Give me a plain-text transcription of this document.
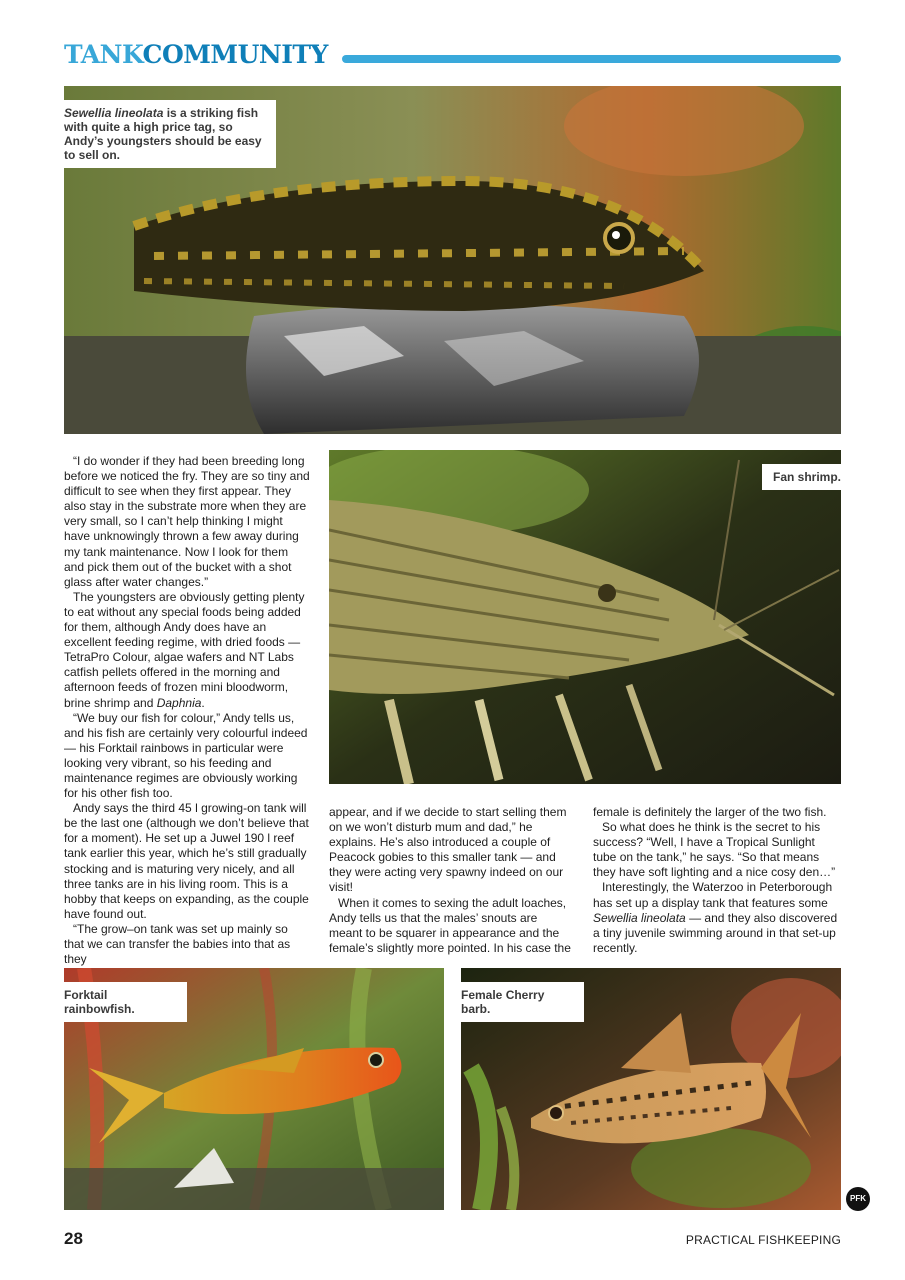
TANKCOMMUNITY
Sewellia lineolata is a striking fish with quite a high price tag, so Andy’s youngsters should be easy to sell on.
Fan shrimp.

“I do wonder if they had been breeding long before we noticed the fry. They are so tiny and difficult to see when they first appear. They also stay in the substrate more when they are very small, so I can’t help thinking I might have unknowingly thrown a few away during my tank maintenance. Now I look for them and pick them out of the bucket with a shot glass after water changes.”

The youngsters are obviously getting plenty to eat without any special foods being added for them, although Andy does have an excellent feeding regime, with dried foods — TetraPro Colour, algae wafers and NT Labs catfish pellets offered in the morning and afternoon feeds of frozen mini bloodworm, brine shrimp and Daphnia.

“We buy our fish for colour,” Andy tells us, and his fish are certainly very colourful indeed — his Forktail rainbows in particular were looking very vibrant, so his feeding and maintenance regimes are obviously working for his other fish too.

Andy says the third 45 l growing-on tank will be the last one (although we don’t believe that for a moment). He set up a Juwel 190 l reef tank earlier this year, which he’s still gradually stocking and is maturing very nicely, and all three tanks are in his living room. This is a hobby that keeps on expanding, as the couple have found out.

“The grow–on tank was set up mainly so that we can transfer the babies into that as they

appear, and if we decide to start selling them on we won’t disturb mum and dad,” he explains. He’s also introduced a couple of Peacock gobies to this smaller tank — and they were acting very spawny indeed on our visit!

When it comes to sexing the adult loaches, Andy tells us that the males’ snouts are meant to be squarer in appearance and the female’s slightly more pointed. In his case the

female is definitely the larger of the two fish.

So what does he think is the secret to his success? “Well, I have a Tropical Sunlight tube on the tank,” he says. “So that means they have soft lighting and a nice cosy den…”

Interestingly, the Waterzoo in Peterborough has set up a display tank that features some Sewellia lineolata — and they also discovered a tiny juvenile swimming around in that set-up recently.

Forktail rainbowfish.
Female Cherry barb.
28	PRACTICAL FISHKEEPING
PFK
